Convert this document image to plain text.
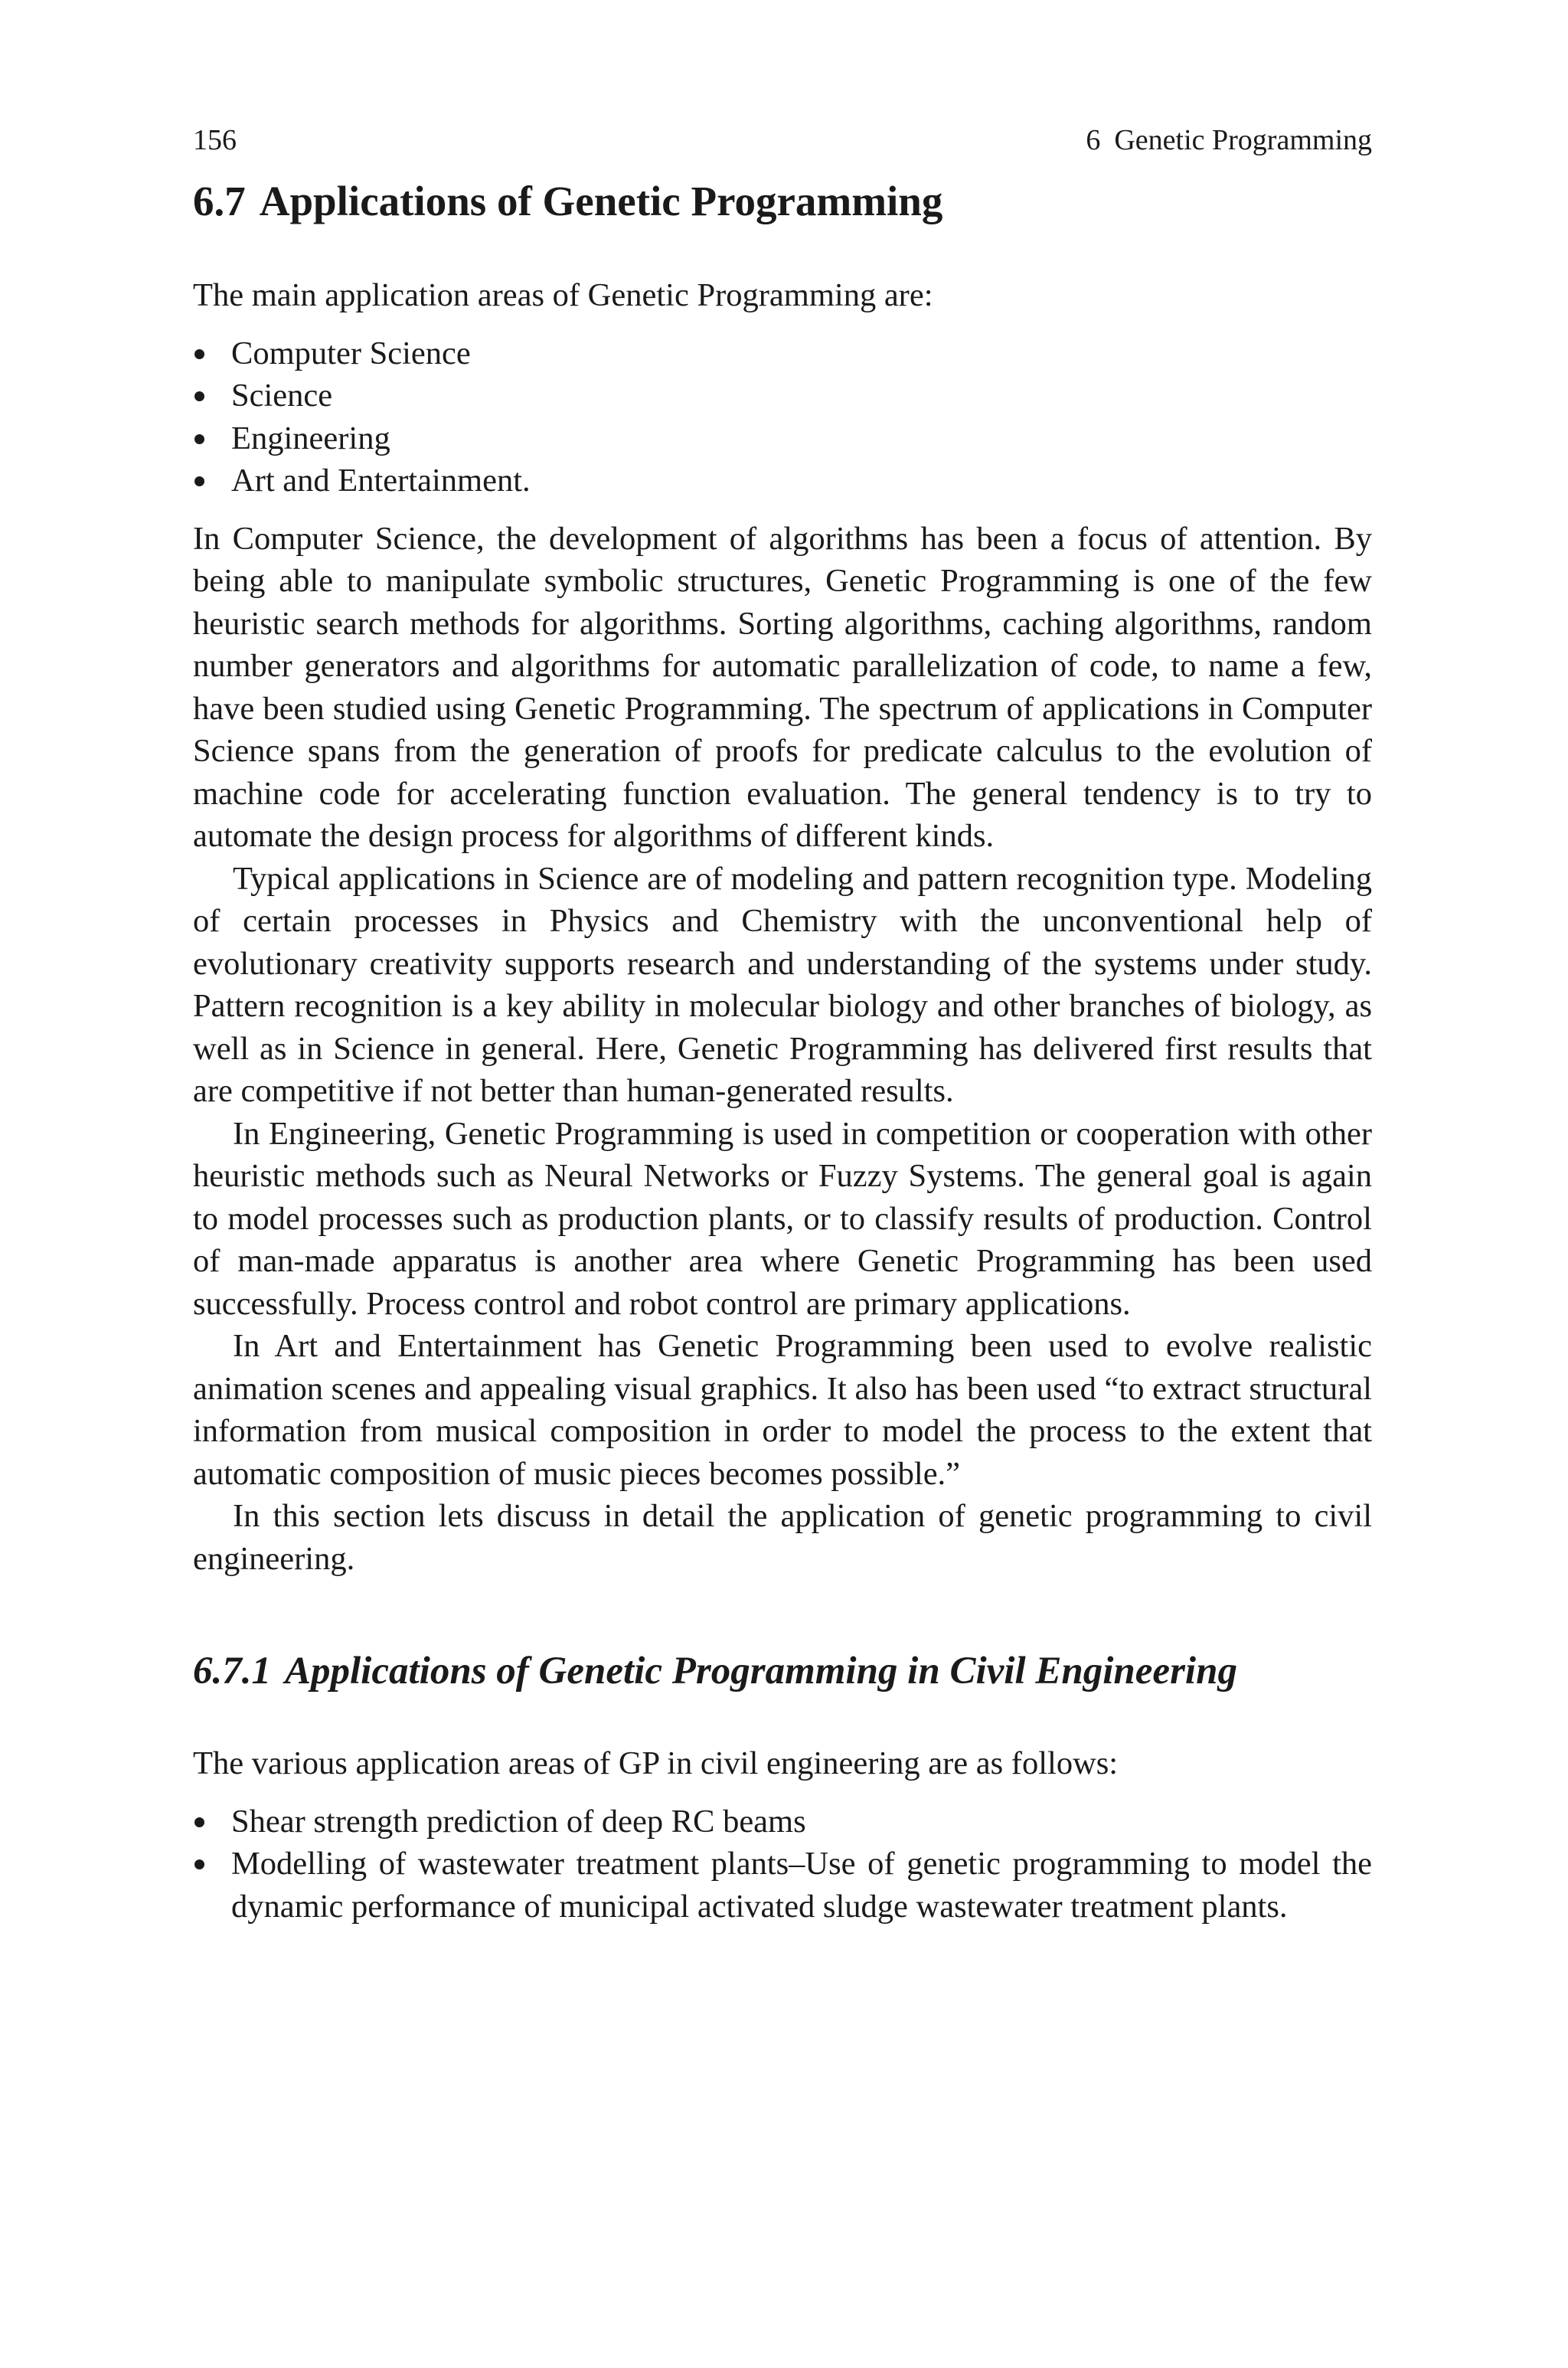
156	6 Genetic Programming
6.7 Applications of Genetic Programming

The main application areas of Genetic Programming are:

Computer Science
Science
Engineering
Art and Entertainment.

In Computer Science, the development of algorithms has been a focus of attention. By being able to manipulate symbolic structures, Genetic Programming is one of the few heuristic search methods for algorithms. Sorting algorithms, caching algorithms, random number generators and algorithms for automatic parallelization of code, to name a few, have been studied using Genetic Programming. The spectrum of applications in Computer Science spans from the generation of proofs for predicate calculus to the evolution of machine code for accelerating function evaluation. The general tendency is to try to automate the design process for algorithms of different kinds.

Typical applications in Science are of modeling and pattern recognition type. Modeling of certain processes in Physics and Chemistry with the unconventional help of evolutionary creativity supports research and understanding of the systems under study. Pattern recognition is a key ability in molecular biology and other branches of biology, as well as in Science in general. Here, Genetic Programming has delivered first results that are competitive if not better than human-generated results.

In Engineering, Genetic Programming is used in competition or cooperation with other heuristic methods such as Neural Networks or Fuzzy Systems. The general goal is again to model processes such as production plants, or to classify results of production. Control of man-made apparatus is another area where Genetic Programming has been used successfully. Process control and robot control are primary applications.

In Art and Entertainment has Genetic Programming been used to evolve realistic animation scenes and appealing visual graphics. It also has been used “to extract structural information from musical composition in order to model the process to the extent that automatic composition of music pieces becomes possible.”

In this section lets discuss in detail the application of genetic programming to civil engineering.

6.7.1 Applications of Genetic Programming in Civil Engineering

The various application areas of GP in civil engineering are as follows:

Shear strength prediction of deep RC beams
Modelling of wastewater treatment plants–Use of genetic programming to model the dynamic performance of municipal activated sludge wastewater treatment plants.
